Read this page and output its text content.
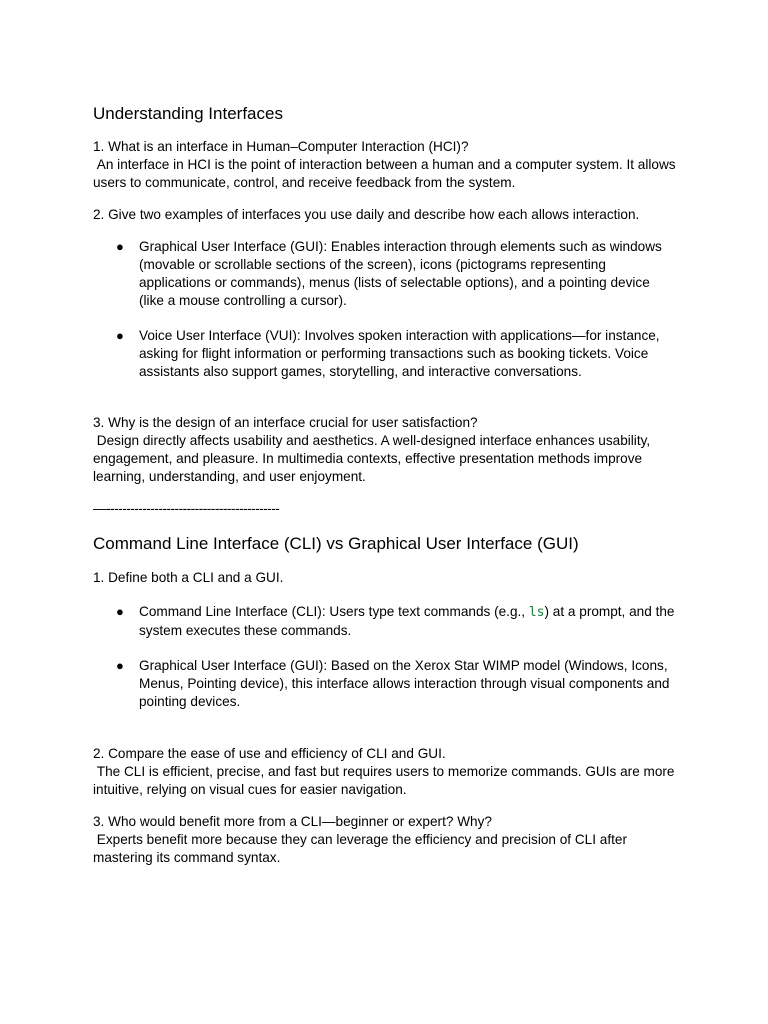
Understanding Interfaces

1. What is an interface in Human–Computer Interaction (HCI)?

An interface in HCI is the point of interaction between a human and a computer system. It allows users to communicate, control, and receive feedback from the system.

2. Give two examples of interfaces you use daily and describe how each allows interaction.

● Graphical User Interface (GUI): Enables interaction through elements such as windows (movable or scrollable sections of the screen), icons (pictograms representing applications or commands), menus (lists of selectable options), and a pointing device (like a mouse controlling a cursor).
● Voice User Interface (VUI): Involves spoken interaction with applications—for instance, asking for flight information or performing transactions such as booking tickets. Voice assistants also support games, storytelling, and interactive conversations.

3. Why is the design of an interface crucial for user satisfaction?

Design directly affects usability and aesthetics. A well-designed interface enhances usability, engagement, and pleasure. In multimedia contexts, effective presentation methods improve learning, understanding, and user enjoyment.

—-------------------------------------------

Command Line Interface (CLI) vs Graphical User Interface (GUI)

1. Define both a CLI and a GUI.

● Command Line Interface (CLI): Users type text commands (e.g., ls) at a prompt, and the system executes these commands.
● Graphical User Interface (GUI): Based on the Xerox Star WIMP model (Windows, Icons, Menus, Pointing device), this interface allows interaction through visual components and pointing devices.

2. Compare the ease of use and efficiency of CLI and GUI.

The CLI is efficient, precise, and fast but requires users to memorize commands. GUIs are more intuitive, relying on visual cues for easier navigation.

3. Who would benefit more from a CLI—beginner or expert? Why?

Experts benefit more because they can leverage the efficiency and precision of CLI after mastering its command syntax.
